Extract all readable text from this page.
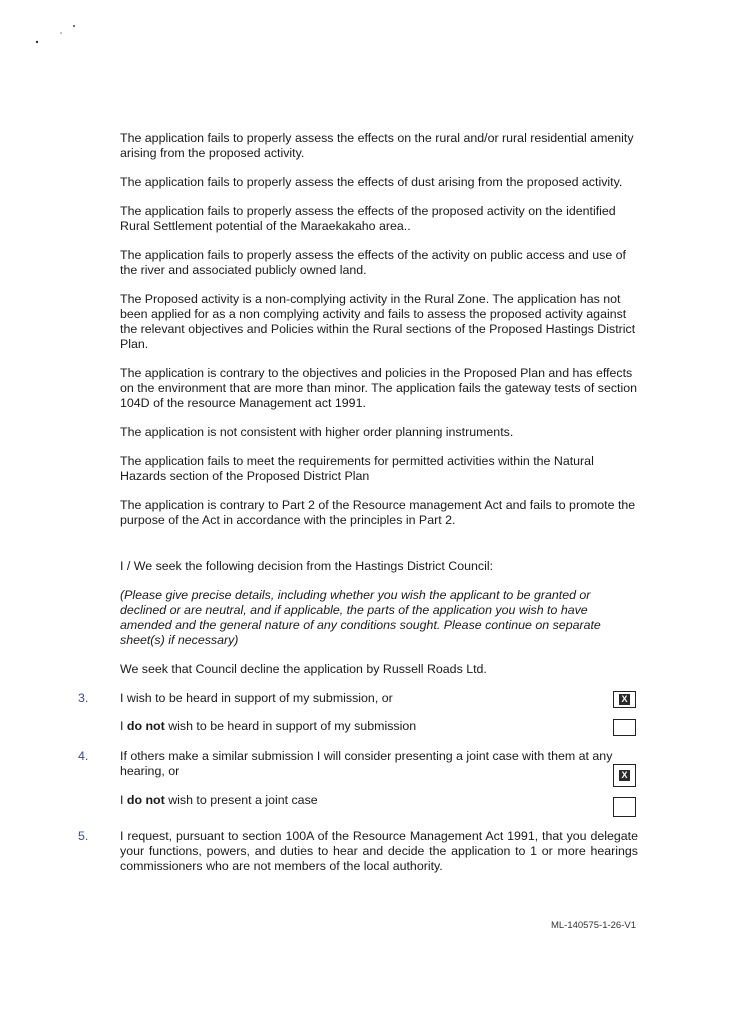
The application fails to properly assess the effects on the rural and/or rural residential amenity arising from the proposed activity.

The application fails to properly assess the effects of dust arising from the proposed activity.

The application fails to properly assess the effects of the proposed activity on the identified Rural Settlement potential of the Maraekakaho area..

The application fails to properly assess the effects of the activity on public access and use of the river and associated publicly owned land.

The Proposed activity is a non-complying activity in the Rural Zone. The application has not been applied for as a non complying activity and fails to assess the proposed activity against the relevant objectives and Policies within the Rural sections of the Proposed Hastings District Plan.

The application is contrary to the objectives and policies in the Proposed Plan and has effects on the environment that are more than minor. The application fails the gateway tests of section 104D of the resource Management act 1991.

The application is not consistent with higher order planning instruments.

The application fails to meet the requirements for permitted activities within the Natural Hazards section of the Proposed District Plan

The application is contrary to Part 2 of the Resource management Act and fails to promote the purpose of the Act in accordance with the principles in Part 2.

I / We seek the following decision from the Hastings District Council:

(Please give precise details, including whether you wish the applicant to be granted or declined or are neutral, and if applicable, the parts of the application you wish to have amended and the general nature of any conditions sought. Please continue on separate sheet(s) if necessary)

We seek that Council decline the application by Russell Roads Ltd.

3.	I wish to be heard in support of my submission, or	X
I do not wish to be heard in support of my submission
4.	If others make a similar submission I will consider presenting a joint case with them at any hearing, or	X
I do not wish to present a joint case
5.	I request, pursuant to section 100A of the Resource Management Act 1991, that you delegate your functions, powers, and duties to hear and decide the application to 1 or more hearings commissioners who are not members of the local authority.

ML-140575-1-26-V1
